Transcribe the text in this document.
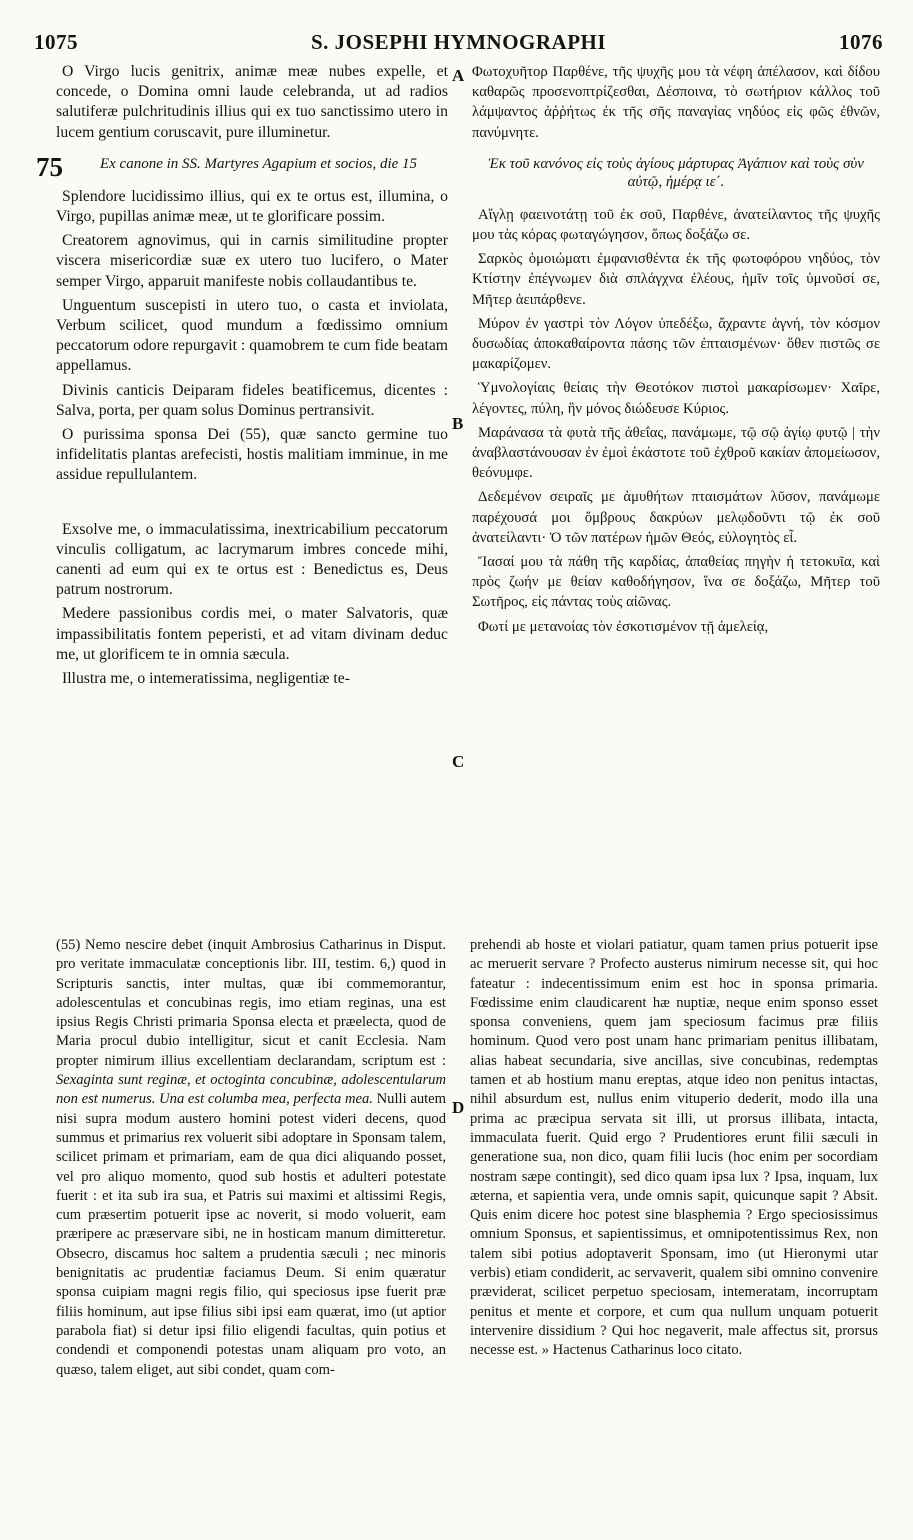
1075	S. JOSEPHI HYMNOGRAPHI	1076

O Virgo lucis genitrix, animæ meæ nubes expelle, et concede, o Domina omni laude celebranda, ut ad radios salutiferæ pulchritudinis illius qui ex tuo sanctissimo utero in lucem gentium coruscavit, pure illuminetur.

75 Ex canone in SS. Martyres Agapium et socios, die 15

Splendore lucidissimo illius, qui ex te ortus est, illumina, o Virgo, pupillas animæ meæ, ut te glorificare possim.

Creatorem agnovimus, qui in carnis similitudine propter viscera misericordiæ suæ ex utero tuo lucifero, o Mater semper Virgo, apparuit manifeste nobis collaudantibus te.

Unguentum suscepisti in utero tuo, o casta et inviolata, Verbum scilicet, quod mundum a fœdissimo omnium peccatorum odore repurgavit : quamobrem te cum fide beatam appellamus.

Divinis canticis Deiparam fideles beatificemus, dicentes : Salva, porta, per quam solus Dominus pertransivit.

O purissima sponsa Dei (55), quæ sancto germine tuo infidelitatis plantas arefecisti, hostis malitiam imminue, in me assidue repullulantem.

Exsolve me, o immaculatissima, inextricabilium peccatorum vinculis colligatum, ac lacrymarum imbres concede mihi, canenti ad eum qui ex te ortus est : Benedictus es, Deus patrum nostrorum.

Medere passionibus cordis mei, o mater Salvatoris, quæ impassibilitatis fontem peperisti, et ad vitam divinam deduc me, ut glorificem te in omnia sæcula.

Illustra me, o intemeratissima, negligentiæ te-

Φωτοχυῆτορ Παρθένε, τῆς ψυχῆς μου τὰ νέφη ἀπέλασον, καὶ δίδου καθαρῶς προσενοπτρίζεσθαι, Δέσποινα, τὸ σωτήριον κάλλος τοῦ λάμψαντος ἀῤῥήτως ἐκ τῆς σῆς παναγίας νηδύος εἰς φῶς ἐθνῶν, πανύμνητε.

Ἐκ τοῦ κανόνος εἰς τοὺς ἁγίους μάρτυρας Ἀγάπιον καὶ τοὺς σὺν αὐτῷ, ἡμέρᾳ ιε΄.

Αἴγλῃ φαεινοτάτῃ τοῦ ἐκ σοῦ, Παρθένε, ἀνατείλαντος τῆς ψυχῆς μου τὰς κόρας φωταγώγησον, ὅπως δοξάζω σε.

Σαρκὸς ὁμοιώματι ἐμφανισθέντα ἐκ τῆς φωτοφόρου νηδύος, τὸν Κτίστην ἐπέγνωμεν διὰ σπλάγχνα ἐλέους, ἡμῖν τοῖς ὑμνοῦσί σε, Μῆτερ ἀειπάρθενε.

Μύρον ἐν γαστρὶ τὸν Λόγον ὑπεδέξω, ἄχραντε ἁγνή, τὸν κόσμον δυσωδίας ἀποκαθαίροντα πάσης τῶν ἐπταισμένων· ὅθεν πιστῶς σε μακαρίζομεν.

Ὑμνολογίαις θείαις τὴν Θεοτόκον πιστοὶ μακαρίσωμεν· Χαῖρε, λέγοντες, πύλη, ἣν μόνος διώδευσε Κύριος.

Μαράνασα τὰ φυτὰ τῆς ἀθεΐας, πανάμωμε, τῷ σῷ ἁγίῳ φυτῷ | τὴν ἀναβλαστάνουσαν ἐν ἐμοὶ ἑκάστοτε τοῦ ἐχθροῦ κακίαν ἀπομείωσον, θεόνυμφε.

Δεδεμένον σειραῖς με ἀμυθήτων πταισμάτων λῦσον, πανάμωμε παρέχουσά μοι ὄμβρους δακρύων μελῳδοῦντι τῷ ἐκ σοῦ ἀνατείλαντι· Ὁ τῶν πατέρων ἡμῶν Θεός, εὐλογητὸς εἶ.

Ἴασαί μου τὰ πάθη τῆς καρδίας, ἀπαθείας πηγὴν ἡ τετοκυῖα, καὶ πρὸς ζωήν με θείαν καθοδήγησον, ἵνα σε δοξάζω, Μῆτερ τοῦ Σωτῆρος, εἰς πάντας τοὺς αἰῶνας.

Φωτί με μετανοίας τὸν ἐσκοτισμένον τῇ ἀμελείᾳ,

A
B
C
D

(55) Nemo nescire debet (inquit Ambrosius Catharinus in Disput. pro veritate immaculatæ conceptionis libr. III, testim. 6,) quod in Scripturis sanctis, inter multas, quæ ibi commemorantur, adolescentulas et concubinas regis, imo etiam reginas, una est ipsius Regis Christi primaria Sponsa electa et præelecta, quod de Maria procul dubio intelligitur, sicut et canit Ecclesia. Nam propter nimirum illius excellentiam declarandam, scriptum est : Sexaginta sunt reginæ, et octoginta concubinæ, adolescentularum non est numerus. Una est columba mea, perfecta mea. Nulli autem nisi supra modum austero homini potest videri decens, quod summus et primarius rex voluerit sibi adoptare in Sponsam talem, scilicet primam et primariam, eam de qua dici aliquando posset, vel pro aliquo momento, quod sub hostis et adulteri potestate fuerit : et ita sub ira sua, et Patris sui maximi et altissimi Regis, cum præsertim potuerit ipse ac noverit, si modo voluerit, eam præripere ac præservare sibi, ne in hosticam manum dimitteretur. Obsecro, discamus hoc saltem a prudentia sæculi ; nec minoris benignitatis ac prudentiæ faciamus Deum. Si enim quæratur sponsa cuipiam magni regis filio, qui speciosus ipse fuerit præ filiis hominum, aut ipse filius sibi ipsi eam quærat, imo (ut aptior parabola fiat) si detur ipsi filio eligendi facultas, quin potius et condendi et componendi potestas unam aliquam pro voto, an quæso, talem eliget, aut sibi condet, quam com-

prehendi ab hoste et violari patiatur, quam tamen prius potuerit ipse ac meruerit servare ? Profecto austerus nimirum necesse sit, qui hoc fateatur : indecentissimum enim est hoc in sponsa primaria. Fœdissime enim claudicarent hæ nuptiæ, neque enim sponso esset sponsa conveniens, quem jam speciosum facimus præ filiis hominum. Quod vero post unam hanc primariam penitus illibatam, alias habeat secundaria, sive ancillas, sive concubinas, redemptas tamen et ab hostium manu ereptas, atque ideo non penitus intactas, nihil absurdum est, nullus enim vituperio dederit, modo illa una prima ac præcipua servata sit illi, ut prorsus illibata, intacta, immaculata fuerit. Quid ergo ? Prudentiores erunt filii sæculi in generatione sua, non dico, quam filii lucis (hoc enim per socordiam nostram sæpe contingit), sed dico quam ipsa lux ? Ipsa, inquam, lux æterna, et sapientia vera, unde omnis sapit, quicunque sapit ? Absit. Quis enim dicere hoc potest sine blasphemia ? Ergo speciosissimus omnium Sponsus, et sapientissimus, et omnipotentissimus Rex, non talem sibi potius adoptaverit Sponsam, imo (ut Hieronymi utar verbis) etiam condiderit, ac servaverit, qualem sibi omnino convenire præviderat, scilicet perpetuo speciosam, intemeratam, incorruptam penitus et mente et corpore, et cum qua nullum unquam potuerit intervenire dissidium ? Qui hoc negaverit, male affectus sit, prorsus necesse est. » Hactenus Catharinus loco citato.
